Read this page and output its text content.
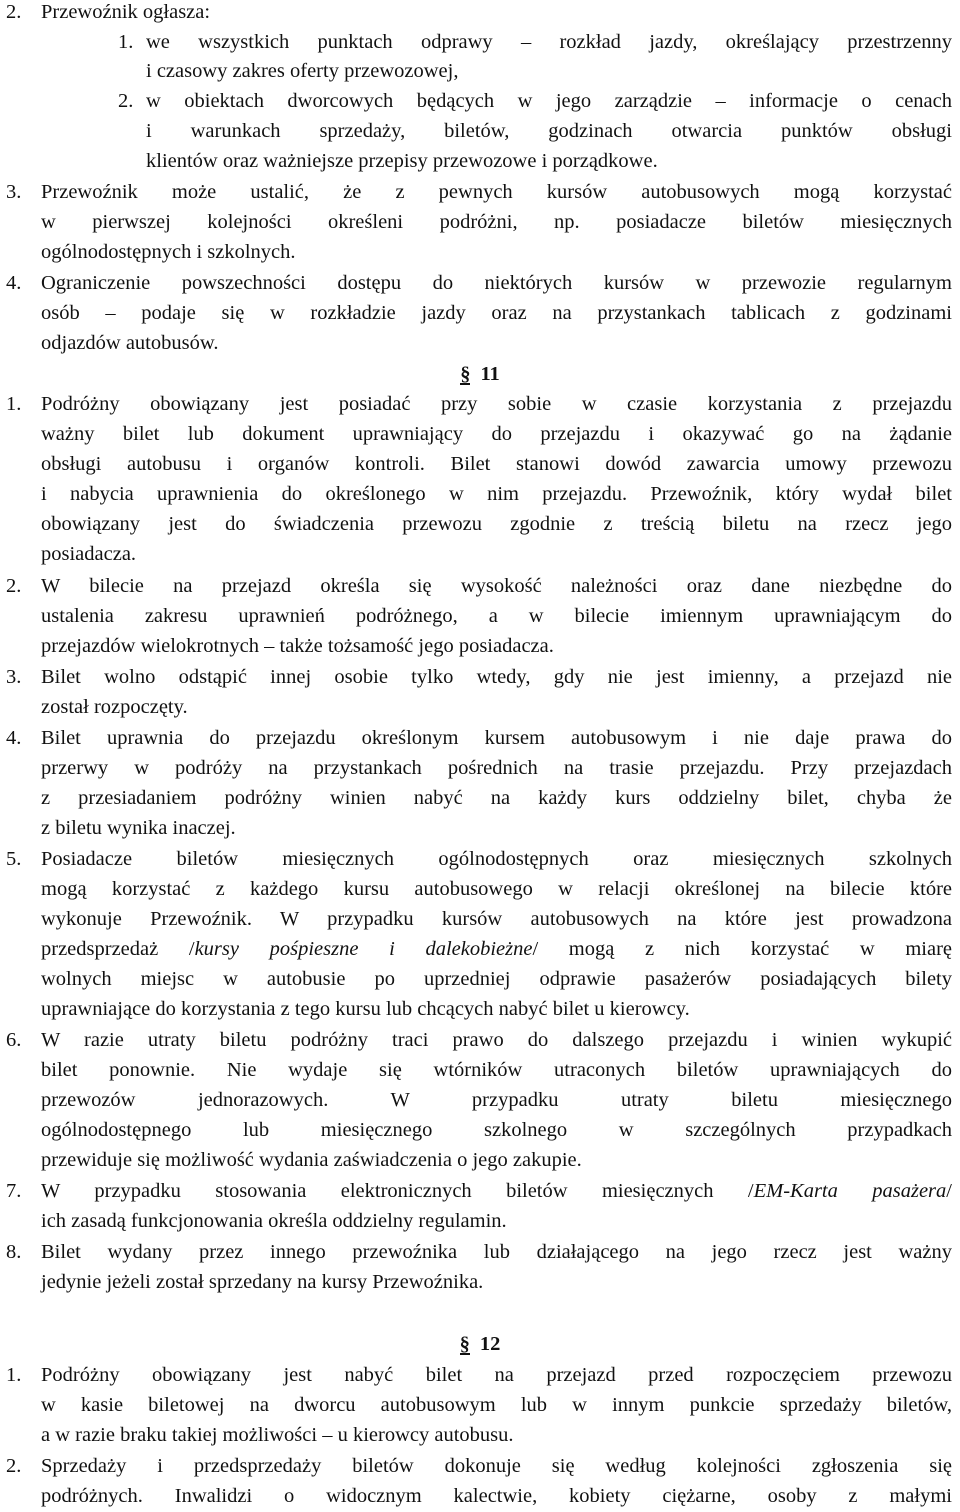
2. Przewoźnik ogłasza:
1. we wszystkich punktach odprawy – rozkład jazdy, określający przestrzenny
i czasowy zakres oferty przewozowej,
2. w obiektach dworcowych będących w jego zarządzie – informacje o cenach
i warunkach sprzedaży, biletów, godzinach otwarcia punktów obsługi
klientów oraz ważniejsze przepisy przewozowe i porządkowe.
3. Przewoźnik może ustalić, że z pewnych kursów autobusowych mogą korzystać
w pierwszej kolejności określeni podróżni, np. posiadacze biletów miesięcznych
ogólnodostępnych i szkolnych.
4. Ograniczenie powszechności dostępu do niektórych kursów w przewozie regularnym
osób – podaje się w rozkładzie jazdy oraz na przystankach tablicach z godzinami
odjazdów autobusów.
§ 11
1. Podróżny obowiązany jest posiadać przy sobie w czasie korzystania z przejazdu
ważny bilet lub dokument uprawniający do przejazdu i okazywać go na żądanie
obsługi autobusu i organów kontroli. Bilet stanowi dowód zawarcia umowy przewozu
i nabycia uprawnienia do określonego w nim przejazdu. Przewoźnik, który wydał bilet
obowiązany jest do świadczenia przewozu zgodnie z treścią biletu na rzecz jego
posiadacza.
2. W bilecie na przejazd określa się wysokość należności oraz dane niezbędne do
ustalenia zakresu uprawnień podróżnego, a w bilecie imiennym uprawniającym do
przejazdów wielokrotnych – także tożsamość jego posiadacza.
3. Bilet wolno odstąpić innej osobie tylko wtedy, gdy nie jest imienny, a przejazd nie
został rozpoczęty.
4. Bilet uprawnia do przejazdu określonym kursem autobusowym i nie daje prawa do
przerwy w podróży na przystankach pośrednich na trasie przejazdu. Przy przejazdach
z przesiadaniem podróżny winien nabyć na każdy kurs oddzielny bilet, chyba że
z biletu wynika inaczej.
5. Posiadacze biletów miesięcznych ogólnodostępnych oraz miesięcznych szkolnych
mogą korzystać z każdego kursu autobusowego w relacji określonej na bilecie które
wykonuje Przewoźnik. W przypadku kursów autobusowych na które jest prowadzona
przedsprzedaż /kursy pośpieszne i dalekobieżne/ mogą z nich korzystać w miarę
wolnych miejsc w autobusie po uprzedniej odprawie pasażerów posiadających bilety
uprawniające do korzystania z tego kursu lub chcących nabyć bilet u kierowcy.
6. W razie utraty biletu podróżny traci prawo do dalszego przejazdu i winien wykupić
bilet ponownie. Nie wydaje się wtórników utraconych biletów uprawniających do
przewozów jednorazowych. W przypadku utraty biletu miesięcznego
ogólnodostępnego lub miesięcznego szkolnego w szczególnych przypadkach
przewiduje się możliwość wydania zaświadczenia o jego zakupie.
7. W przypadku stosowania elektronicznych biletów miesięcznych /EM-Karta pasażera/
ich zasadą funkcjonowania określa oddzielny regulamin.
8. Bilet wydany przez innego przewoźnika lub działającego na jego rzecz jest ważny
jedynie jeżeli został sprzedany na kursy Przewoźnika.
§ 12
1. Podróżny obowiązany jest nabyć bilet na przejazd przed rozpoczęciem przewozu
w kasie biletowej na dworcu autobusowym lub w innym punkcie sprzedaży biletów,
a w razie braku takiej możliwości – u kierowcy autobusu.
2. Sprzedaży i przedsprzedaży biletów dokonuje się według kolejności zgłoszenia się
podróżnych. Inwalidzi o widocznym kalectwie, kobiety ciężarne, osoby z małymi
